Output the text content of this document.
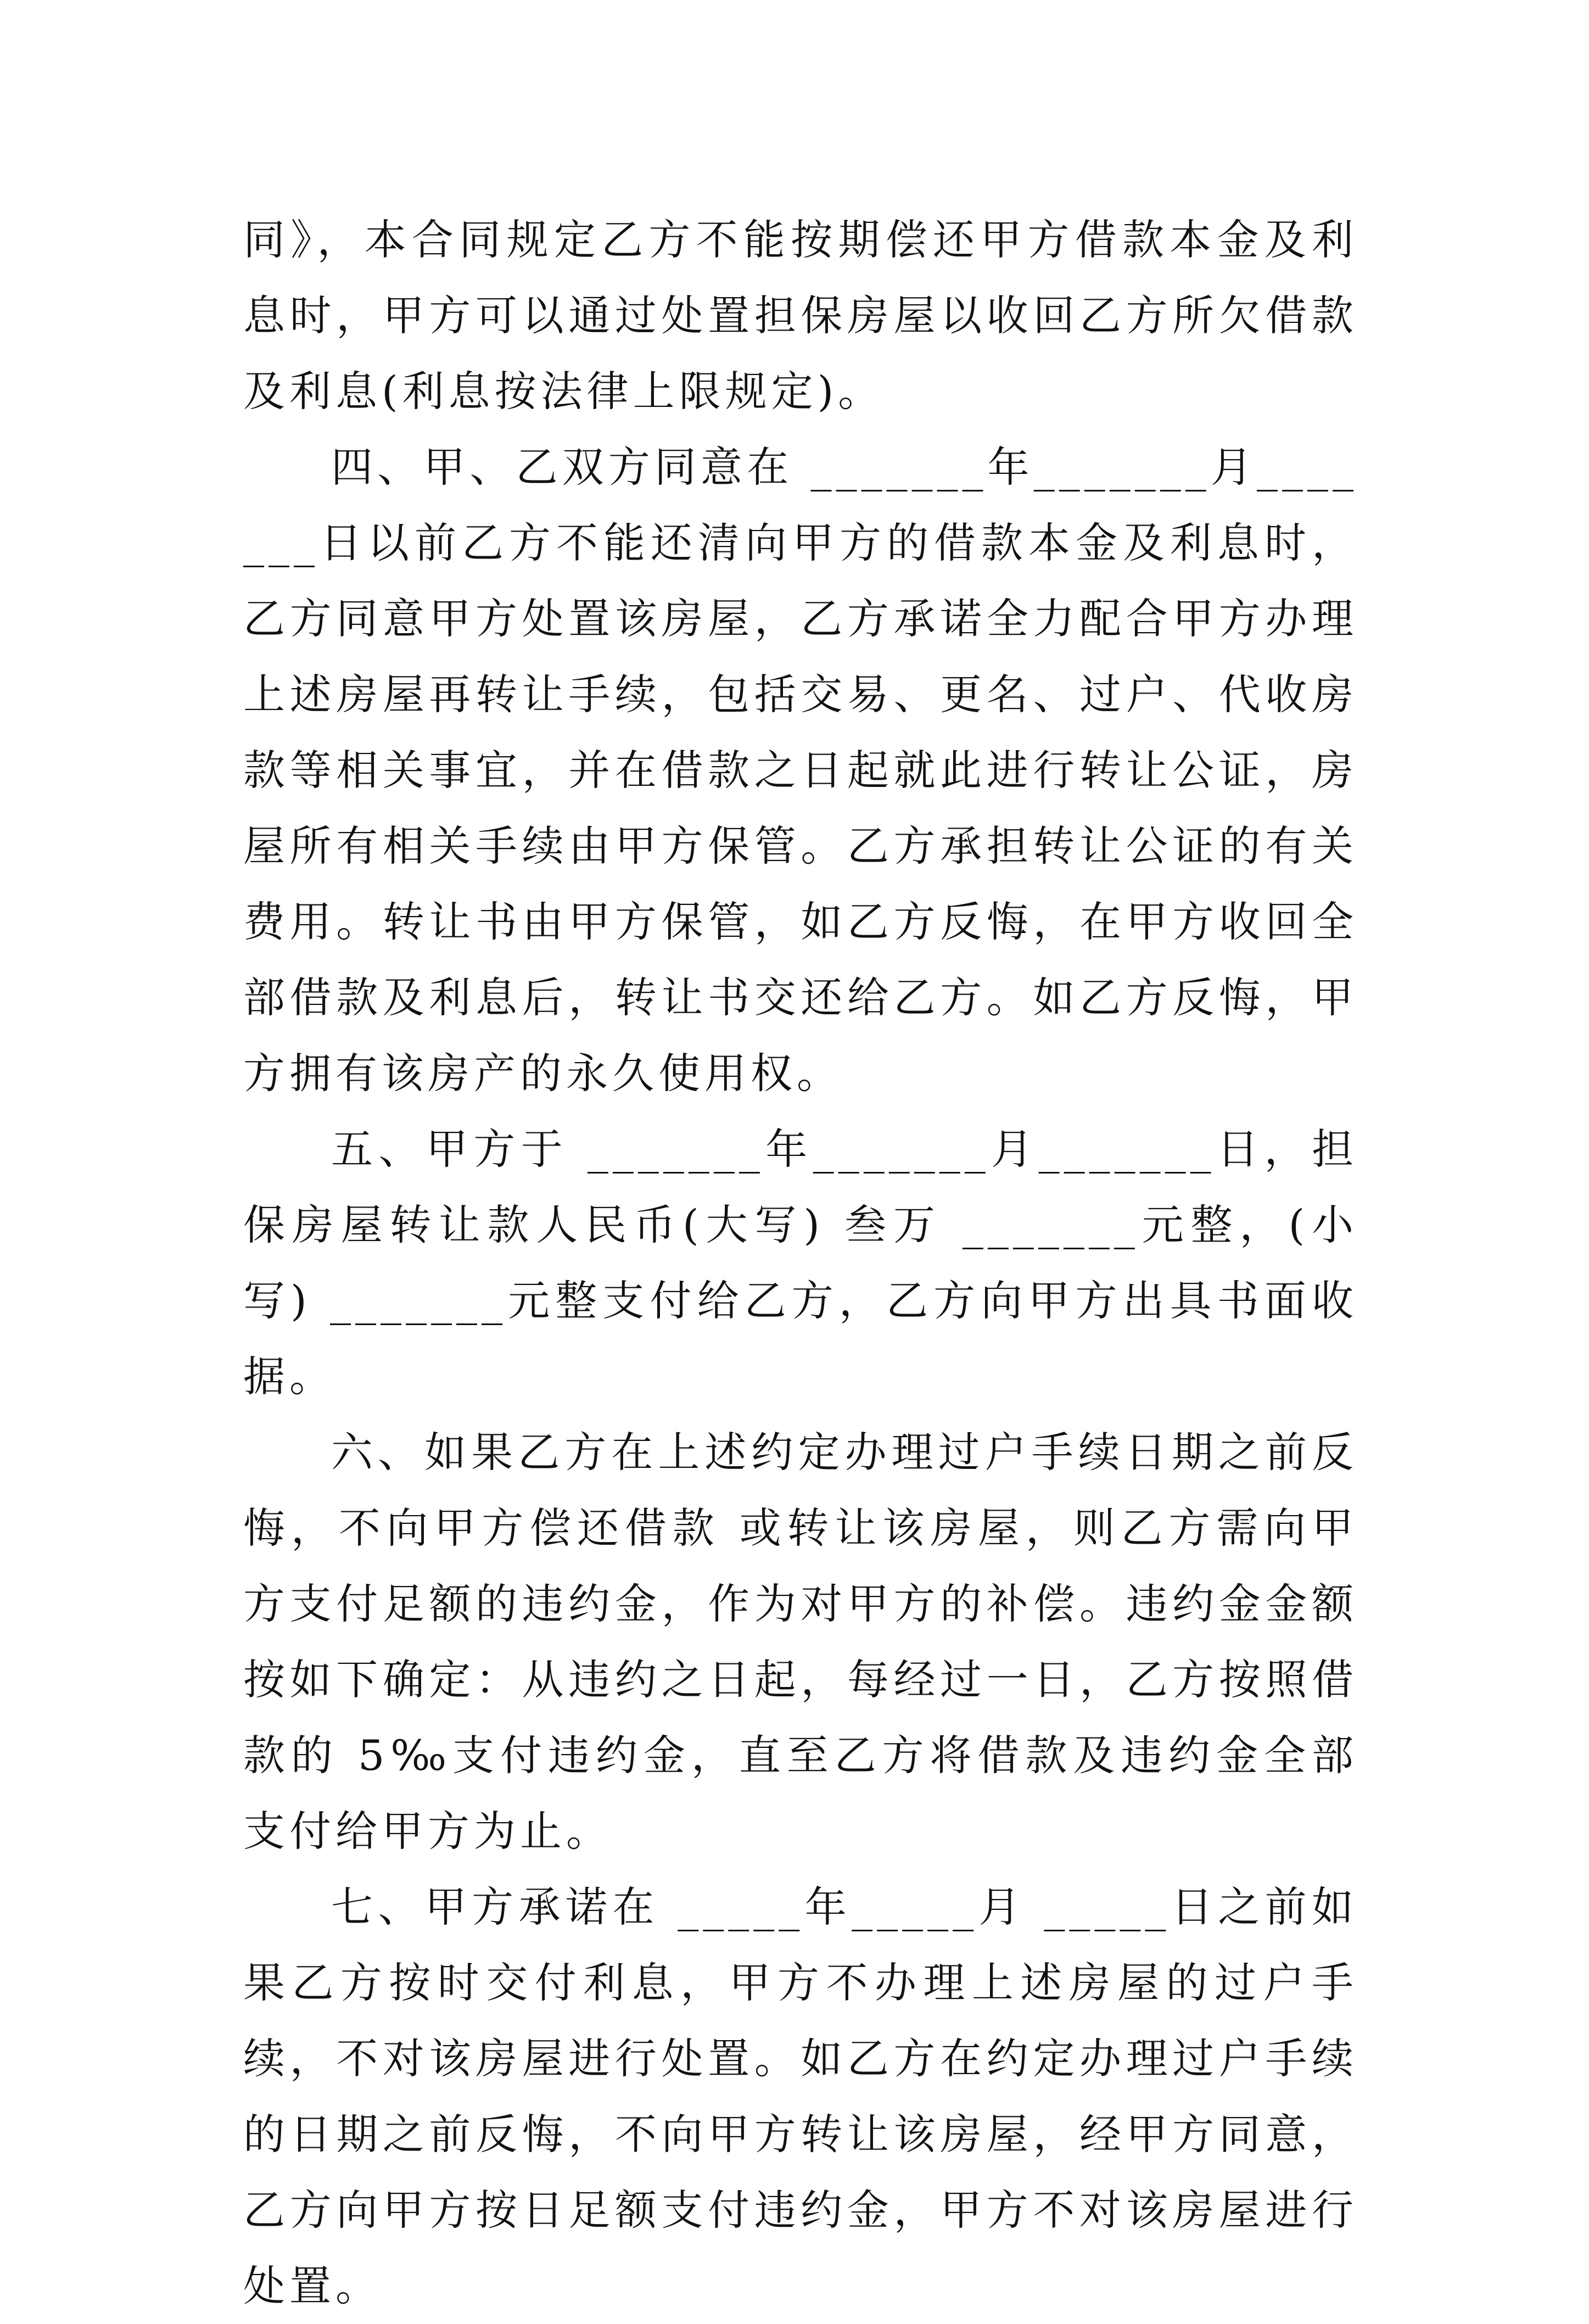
同》，本合同规定乙方不能按期偿还甲方借款本金及利息时，甲方可以通过处置担保房屋以收回乙方所欠借款及利息(利息按法律上限规定)。

四、甲、乙双方同意在 _______年_______月_______日以前乙方不能还清向甲方的借款本金及利息时，乙方同意甲方处置该房屋，乙方承诺全力配合甲方办理上述房屋再转让手续，包括交易、更名、过户、代收房款等相关事宜，并在借款之日起就此进行转让公证，房屋所有相关手续由甲方保管。乙方承担转让公证的有关费用。转让书由甲方保管，如乙方反悔，在甲方收回全部借款及利息后，转让书交还给乙方。如乙方反悔，甲方拥有该房产的永久使用权。

五、甲方于 _______年_______月_______日，担保房屋转让款人民币(大写) 叁万 _______元整，(小写) _______元整支付给乙方，乙方向甲方出具书面收据。

六、如果乙方在上述约定办理过户手续日期之前反悔，不向甲方偿还借款 或转让该房屋，则乙方需向甲方支付足额的违约金，作为对甲方的补偿。违约金金额按如下确定：从违约之日起，每经过一日，乙方按照借款的 5‰支付违约金，直至乙方将借款及违约金全部支付给甲方为止。

七、甲方承诺在 _____年_____月 _____日之前如果乙方按时交付利息，甲方不办理上述房屋的过户手续，不对该房屋进行处置。如乙方在约定办理过户手续的日期之前反悔，不向甲方转让该房屋，经甲方同意，乙方向甲方按日足额支付违约金，甲方不对该房屋进行处置。
